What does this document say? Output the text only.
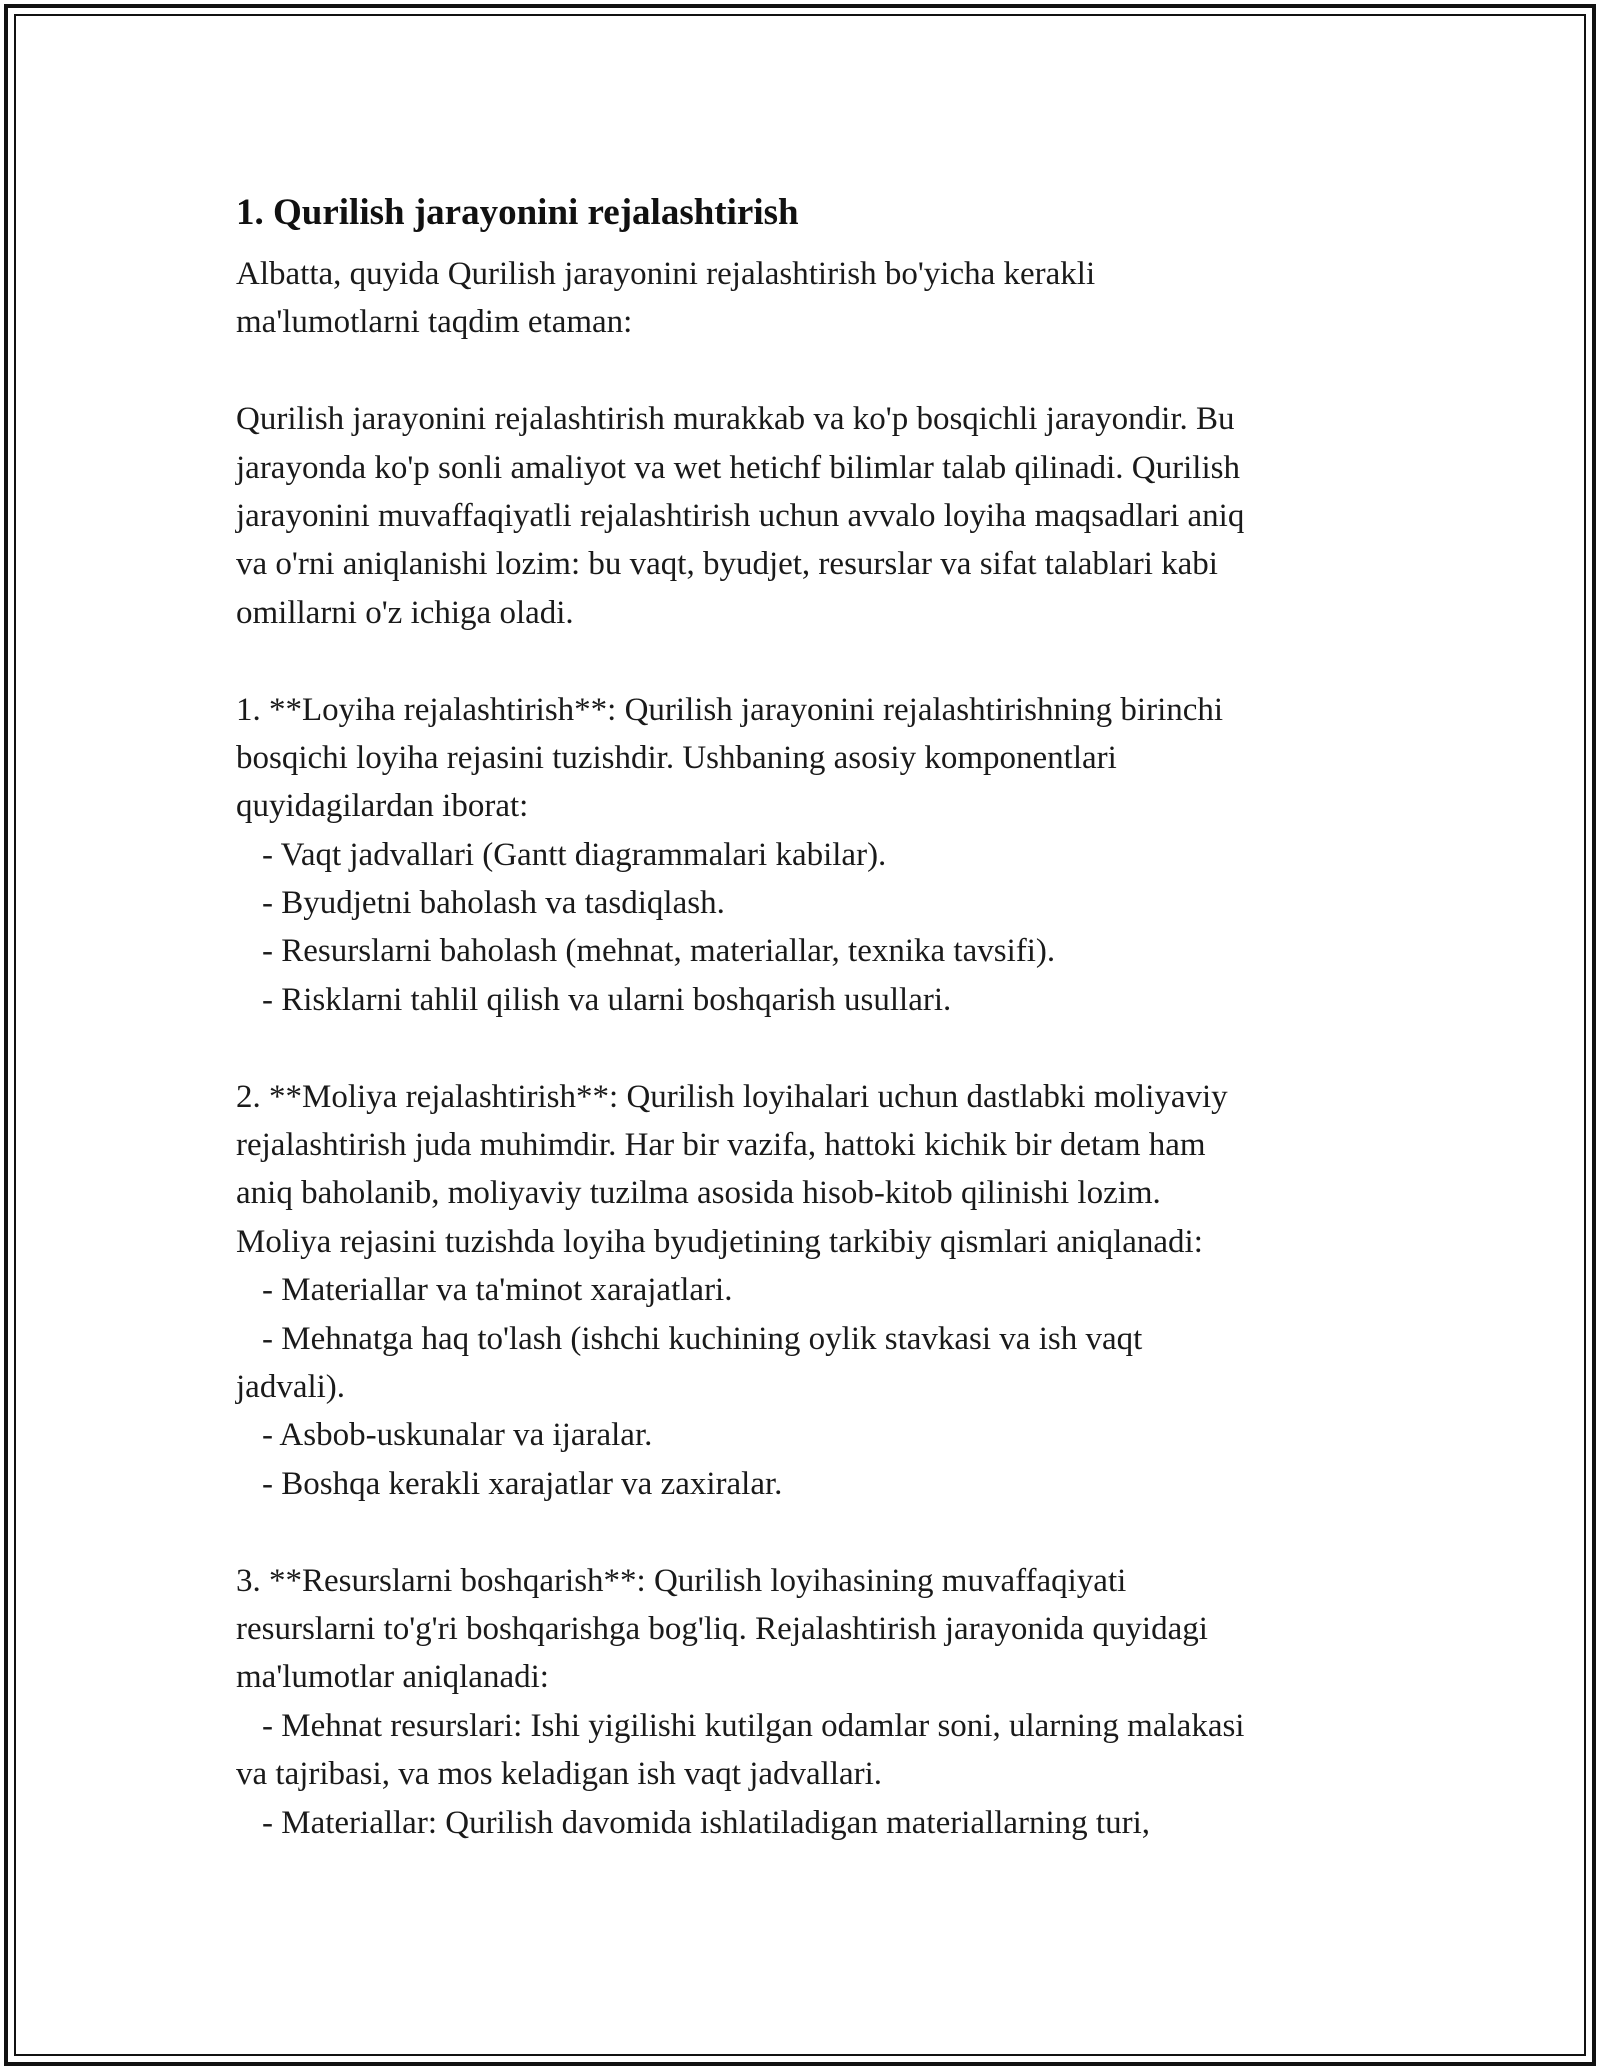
1. Qurilish jarayonini rejalashtirish
Albatta, quyida Qurilish jarayonini rejalashtirish bo'yicha kerakli
ma'lumotlarni taqdim etaman:
Qurilish jarayonini rejalashtirish murakkab va ko'p bosqichli jarayondir. Bu
jarayonda ko'p sonli amaliyot va wet hetichf bilimlar talab qilinadi. Qurilish
jarayonini muvaffaqiyatli rejalashtirish uchun avvalo loyiha maqsadlari aniq
va o'rni aniqlanishi lozim: bu vaqt, byudjet, resurslar va sifat talablari kabi
omillarni o'z ichiga oladi.
1. **Loyiha rejalashtirish**: Qurilish jarayonini rejalashtirishning birinchi
bosqichi loyiha rejasini tuzishdir. Ushbaning asosiy komponentlari
quyidagilardan iborat:
- Vaqt jadvallari (Gantt diagrammalari kabilar).
- Byudjetni baholash va tasdiqlash.
- Resurslarni baholash (mehnat, materiallar, texnika tavsifi).
- Risklarni tahlil qilish va ularni boshqarish usullari.
2. **Moliya rejalashtirish**: Qurilish loyihalari uchun dastlabki moliyaviy
rejalashtirish juda muhimdir. Har bir vazifa, hattoki kichik bir detam ham
aniq baholanib, moliyaviy tuzilma asosida hisob-kitob qilinishi lozim.
Moliya rejasini tuzishda loyiha byudjetining tarkibiy qismlari aniqlanadi:
- Materiallar va ta'minot xarajatlari.
- Mehnatga haq to'lash (ishchi kuchining oylik stavkasi va ish vaqt
jadvali).
- Asbob-uskunalar va ijaralar.
- Boshqa kerakli xarajatlar va zaxiralar.
3. **Resurslarni boshqarish**: Qurilish loyihasining muvaffaqiyati
resurslarni to'g'ri boshqarishga bog'liq. Rejalashtirish jarayonida quyidagi
ma'lumotlar aniqlanadi:
- Mehnat resurslari: Ishi yigilishi kutilgan odamlar soni, ularning malakasi
va tajribasi, va mos keladigan ish vaqt jadvallari.
- Materiallar: Qurilish davomida ishlatiladigan materiallarning turi,
